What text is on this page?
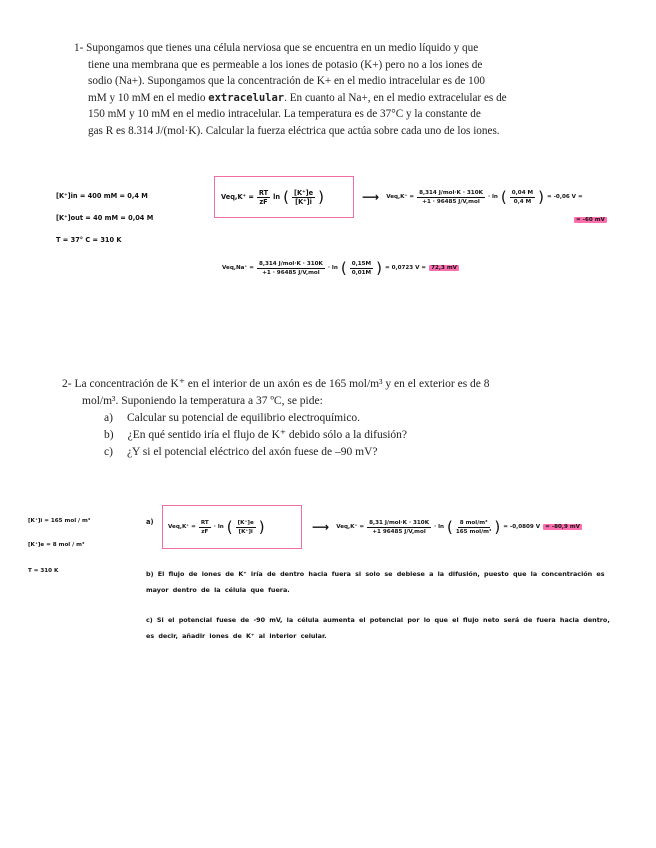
1- Supongamos que tienes una célula nerviosa que se encuentra en un medio líquido y que
tiene una membrana que es permeable a los iones de potasio (K+) pero no a los iones de
sodio (Na+). Supongamos que la concentración de K+ en el medio intracelular es de 100
mM y 10 mM en el medio extracelular. En cuanto al Na+, en el medio extracelular es de
150 mM y 10 mM en el medio intracelular. La temperatura es de 37°C y la constante de
gas R es 8.314 J/(mol·K). Calcular la fuerza eléctrica que actúa sobre cada uno de los iones.
[K⁺]in = 400 mM = 0,4 M
[K⁺]out = 40 mM = 0,04 M
T = 37° C = 310 K
$Veq,K^+ = \frac{RT}{zF}$ ln ( $\frac{[K^+]e}{[K^+]i}$ )	⟶ $Veq,K^+ = \frac{\text{8,314 J/mol·K · 310K}}{\text{+1 · 96485 J/V,mol}} \cdot \ln$ ( $\frac{0,04 M}{0,4 M}$ ) = -0,06 V =
= -60 mV
$Veq,Na^+ = \frac{\text{8,314 J/mol·K · 310K}}{\text{+1 · 96485 J/V,mol}} \cdot \ln$ ( $\frac{0,15M}{0,01M}$ ) = 0,0723 V = 72,3 mV
2- La concentración de K⁺ en el interior de un axón es de 165 mol/m³ y en el exterior es de 8
mol/m³. Suponiendo la temperatura a 37 ºC, se pide:
a) Calcular su potencial de equilibrio electroquímico.
b) ¿En qué sentido iría el flujo de K⁺ debido sólo a la difusión?
c) ¿Y si el potencial eléctrico del axón fuese de –90 mV?
[K⁺]i = 165 mol / m³
[K⁺]e = 8 mol / m³
T = 310 K
a)
$Veq,K^+ = \frac{RT}{zF} \cdot \ln$ ( $\frac{[K^+]e}{[K^+]i}$ )	⟶ $Veq,K^+ = \frac{\text{8,31 J/mol·K · 310K}}{\text{+1 96485 J/V,mol}} \cdot \ln$ ( $\frac{\text{8 mol/m³}}{\text{165 mol/m³}}$ ) = -0,0809 V = -80,9 mV
b) El flujo de iones de K⁺ iría de dentro hacia fuera si solo se debiese a la difusión, puesto que la concentración es mayor dentro de la célula que fuera.
c) Si el potencial fuese de -90 mV, la célula aumenta el potencial por lo que el flujo neto será de fuera hacia dentro, es decir, añadir iones de K⁺ al interior celular.
